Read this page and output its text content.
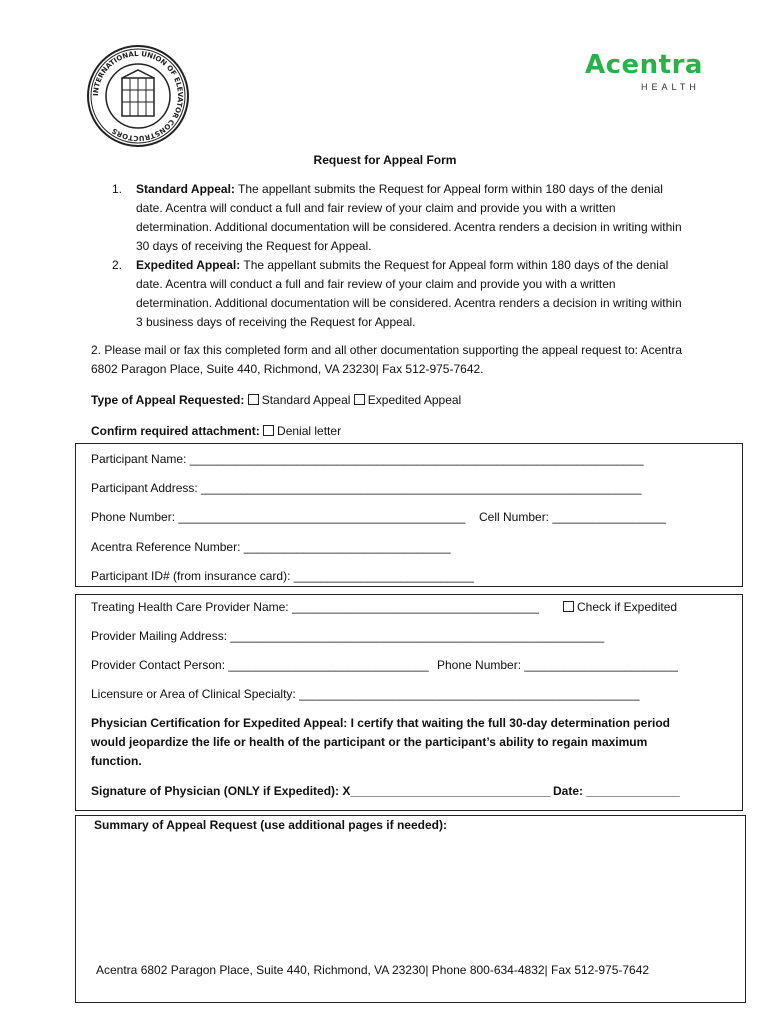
INTERNATIONAL UNION OF ELEVATOR CONSTRUCTORS
Acentra
HEALTH
Request for Appeal Form
1. Standard Appeal: The appellant submits the Request for Appeal form within 180 days of the denial date. Acentra will conduct a full and fair review of your claim and provide you with a written determination. Additional documentation will be considered. Acentra renders a decision in writing within 30 days of receiving the Request for Appeal.
2. Expedited Appeal: The appellant submits the Request for Appeal form within 180 days of the denial date. Acentra will conduct a full and fair review of your claim and provide you with a written determination. Additional documentation will be considered. Acentra renders a decision in writing within 3 business days of receiving the Request for Appeal.
2. Please mail or fax this completed form and all other documentation supporting the appeal request to: Acentra 6802 Paragon Place, Suite 440, Richmond, VA 23230| Fax 512-975-7642.
Type of Appeal Requested: Standard Appeal Expedited Appeal
Confirm required attachment: Denial letter
Participant Name: ____________________________________________________________________
Participant Address: __________________________________________________________________
Phone Number: ___________________________________________ Cell Number: _________________
Acentra Reference Number: _______________________________
Participant ID# (from insurance card): ___________________________
Treating Health Care Provider Name: _____________________________________	Check if Expedited
Provider Mailing Address: ________________________________________________________
Provider Contact Person: ______________________________ Phone Number: _______________________
Licensure or Area of Clinical Specialty: ___________________________________________________
Physician Certification for Expedited Appeal: I certify that waiting the full 30-day determination period would jeopardize the life or health of the participant or the participant’s ability to regain maximum function.
Signature of Physician (ONLY if Expedited): X______________________________ Date: ______________
Summary of Appeal Request (use additional pages if needed):
Acentra 6802 Paragon Place, Suite 440, Richmond, VA 23230| Phone 800-634-4832| Fax 512-975-7642
